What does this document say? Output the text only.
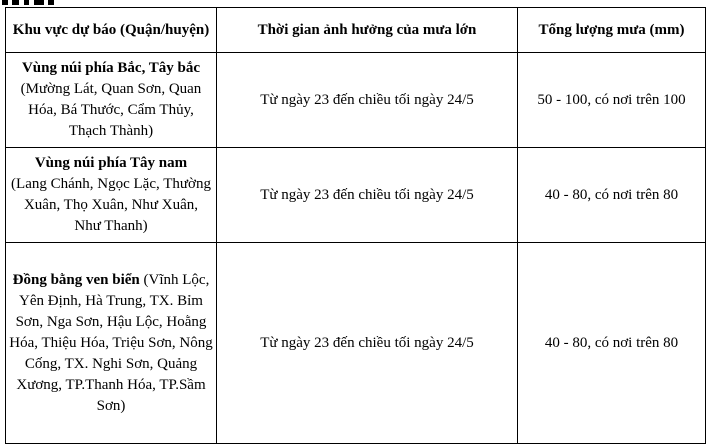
Khu vực dự báo (Quận/huyện)	Thời gian ảnh hưởng của mưa lớn	Tổng lượng mưa (mm)
Vùng núi phía Bắc, Tây bắc
(Mường Lát, Quan Sơn, Quan Hóa, Bá Thước, Cẩm Thủy, Thạch Thành)	Từ ngày 23 đến chiều tối ngày 24/5	50 - 100, có nơi trên 100
Vùng núi phía Tây nam
(Lang Chánh, Ngọc Lặc, Thường Xuân, Thọ Xuân, Như Xuân, Như Thanh)	Từ ngày 23 đến chiều tối ngày 24/5	40 - 80, có nơi trên 80
Đồng bằng ven biển (Vĩnh Lộc, Yên Định, Hà Trung, TX. Bỉm Sơn, Nga Sơn, Hậu Lộc, Hoằng Hóa, Thiệu Hóa, Triệu Sơn, Nông Cống, TX. Nghi Sơn, Quảng Xương, TP.Thanh Hóa, TP.Sầm Sơn)	Từ ngày 23 đến chiều tối ngày 24/5	40 - 80, có nơi trên 80
